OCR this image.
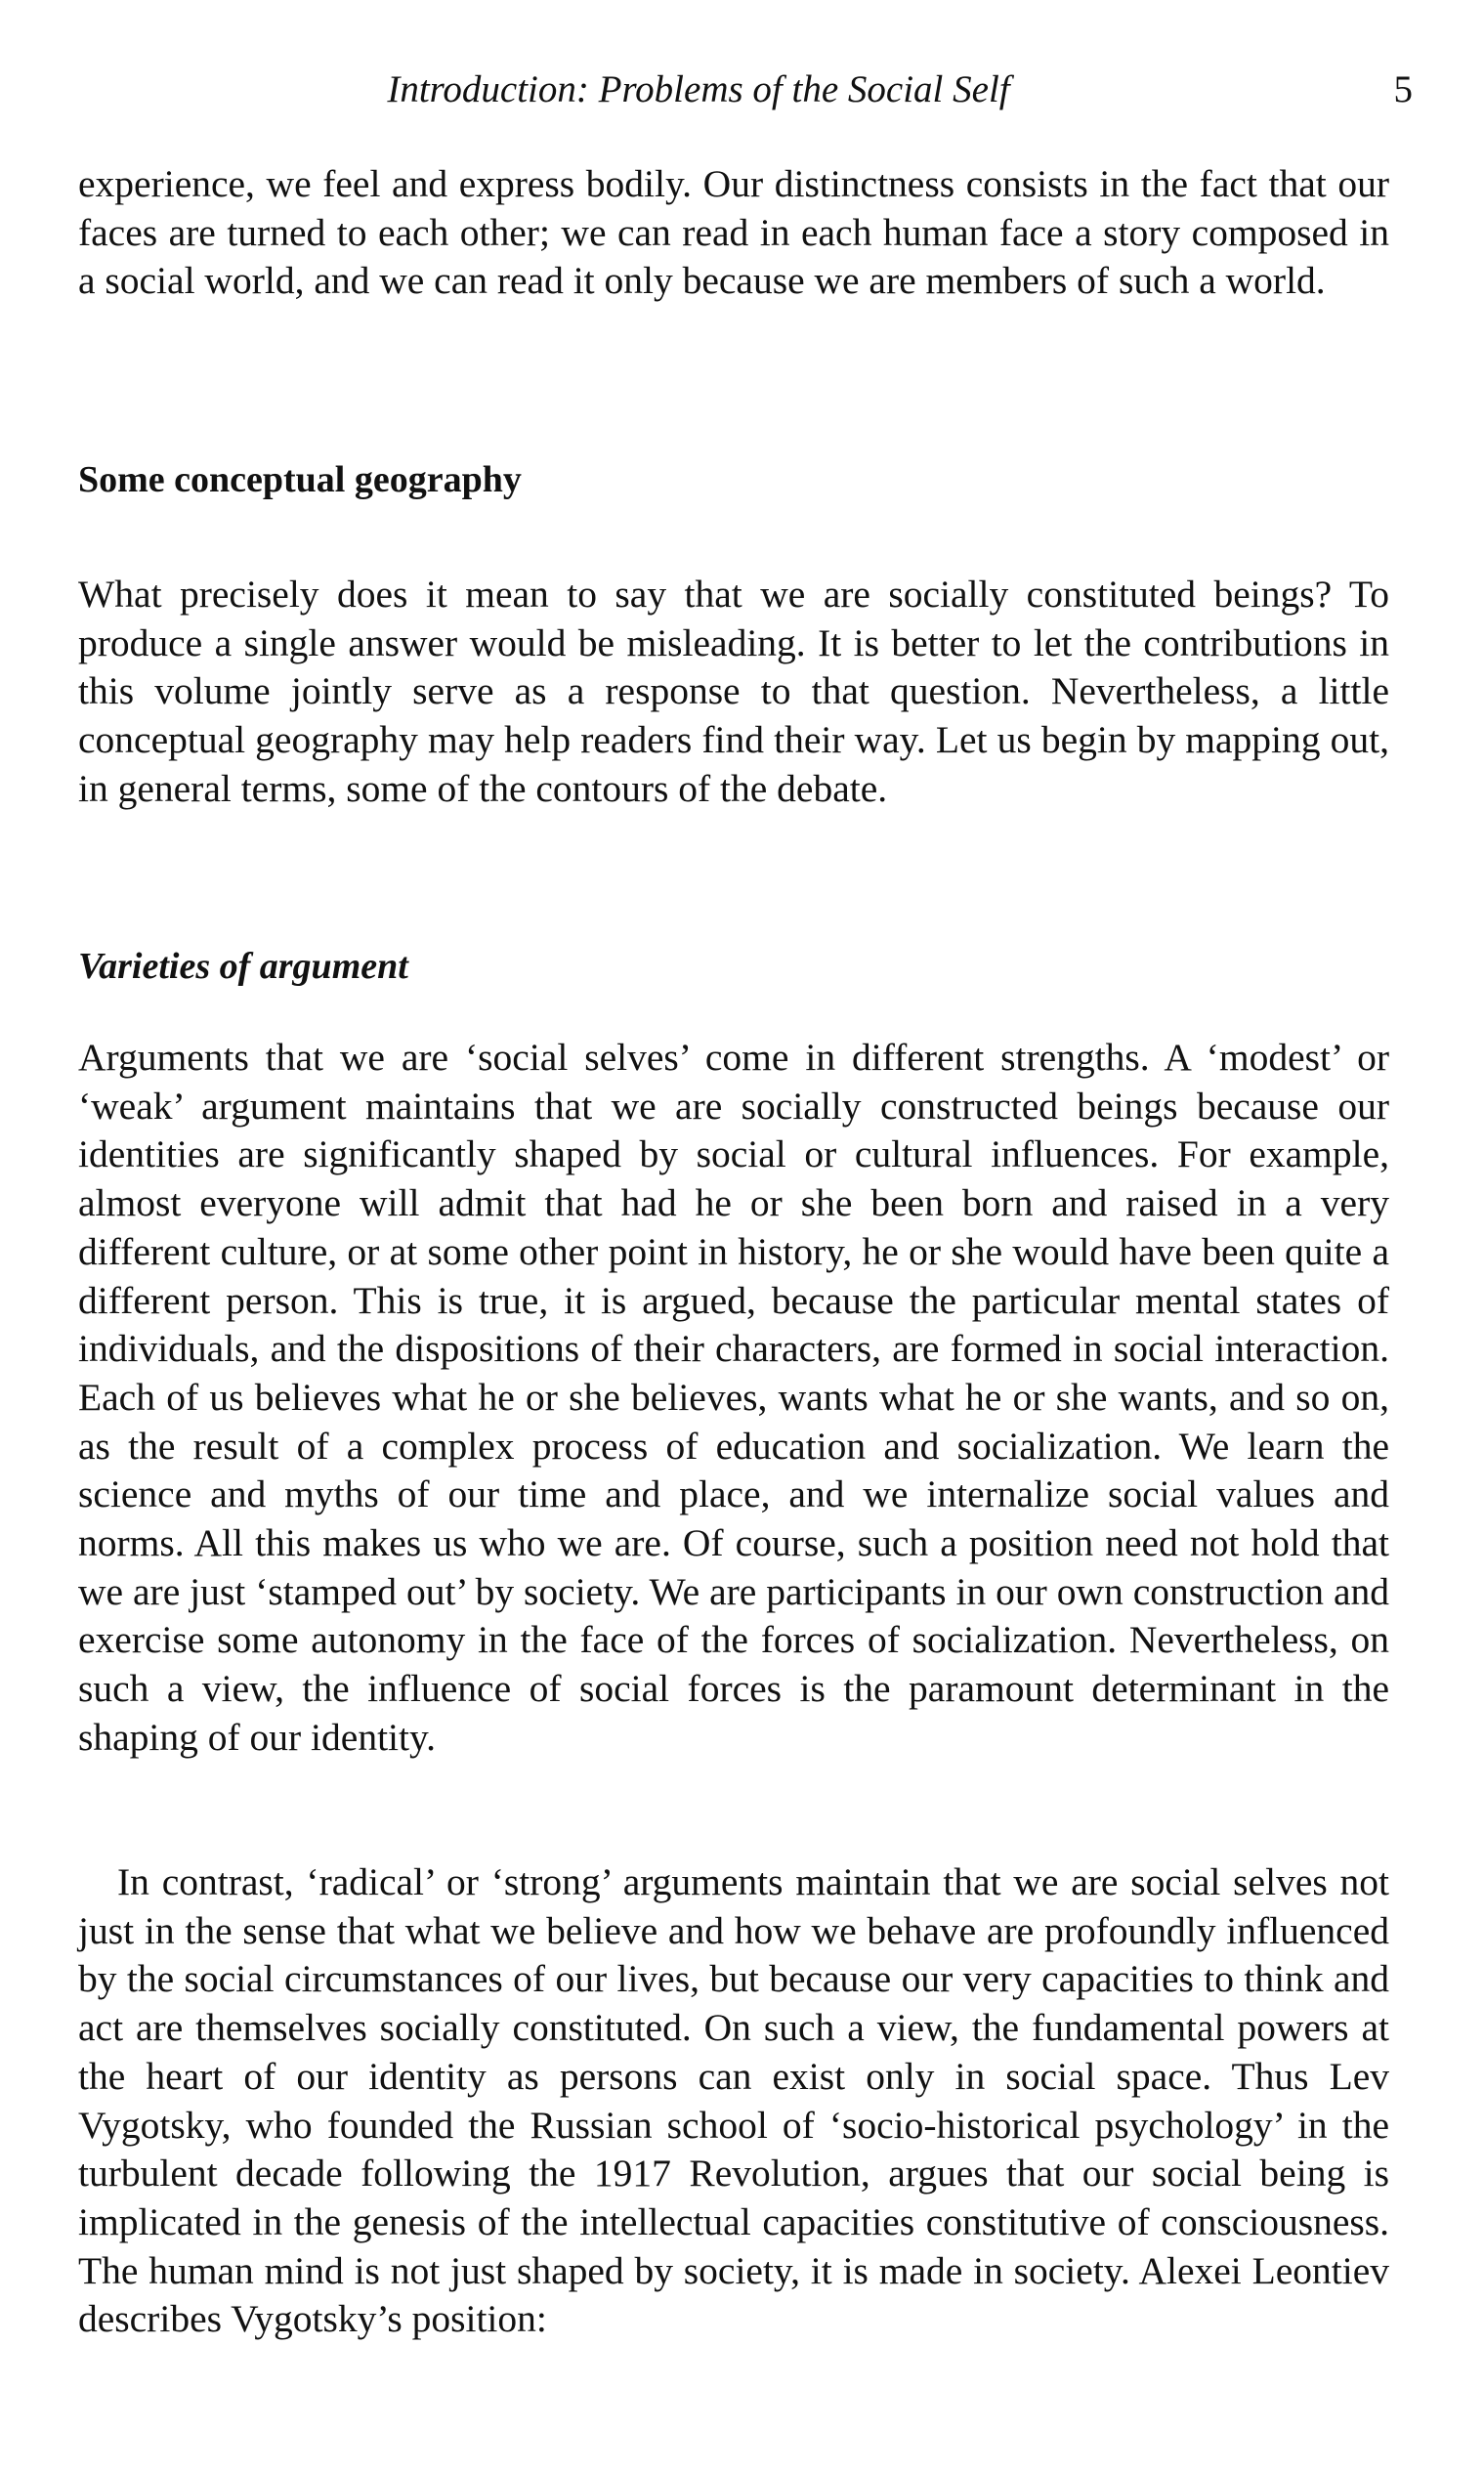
Introduction: Problems of the Social Self	5

experience, we feel and express bodily. Our distinctness consists in the fact that our faces are turned to each other; we can read in each human face a story composed in a social world, and we can read it only because we are members of such a world.

Some conceptual geography

What precisely does it mean to say that we are socially constituted beings? To produce a single answer would be misleading. It is better to let the contributions in this volume jointly serve as a response to that question. Nevertheless, a little conceptual geography may help readers find their way. Let us begin by mapping out, in general terms, some of the contours of the debate.

Varieties of argument

Arguments that we are ‘social selves’ come in different strengths. A ‘modest’ or ‘weak’ argument maintains that we are socially constructed beings because our identities are significantly shaped by social or cultural influences. For example, almost everyone will admit that had he or she been born and raised in a very different culture, or at some other point in history, he or she would have been quite a different person. This is true, it is argued, because the particular mental states of individuals, and the dispositions of their characters, are formed in social interaction. Each of us believes what he or she believes, wants what he or she wants, and so on, as the result of a complex process of education and socialization. We learn the science and myths of our time and place, and we internalize social values and norms. All this makes us who we are. Of course, such a position need not hold that we are just ‘stamped out’ by society. We are participants in our own construction and exercise some autonomy in the face of the forces of socialization. Nevertheless, on such a view, the influence of social forces is the paramount determinant in the shaping of our identity.

In contrast, ‘radical’ or ‘strong’ arguments maintain that we are social selves not just in the sense that what we believe and how we behave are profoundly influenced by the social circumstances of our lives, but because our very capacities to think and act are themselves socially constituted. On such a view, the fundamental powers at the heart of our identity as persons can exist only in social space. Thus Lev Vygotsky, who founded the Russian school of ‘socio-historical psychology’ in the turbulent decade following the 1917 Revolution, argues that our social being is implicated in the genesis of the intellectual capacities constitutive of consciousness. The human mind is not just shaped by society, it is made in society. Alexei Leontiev describes Vygotsky’s position:
